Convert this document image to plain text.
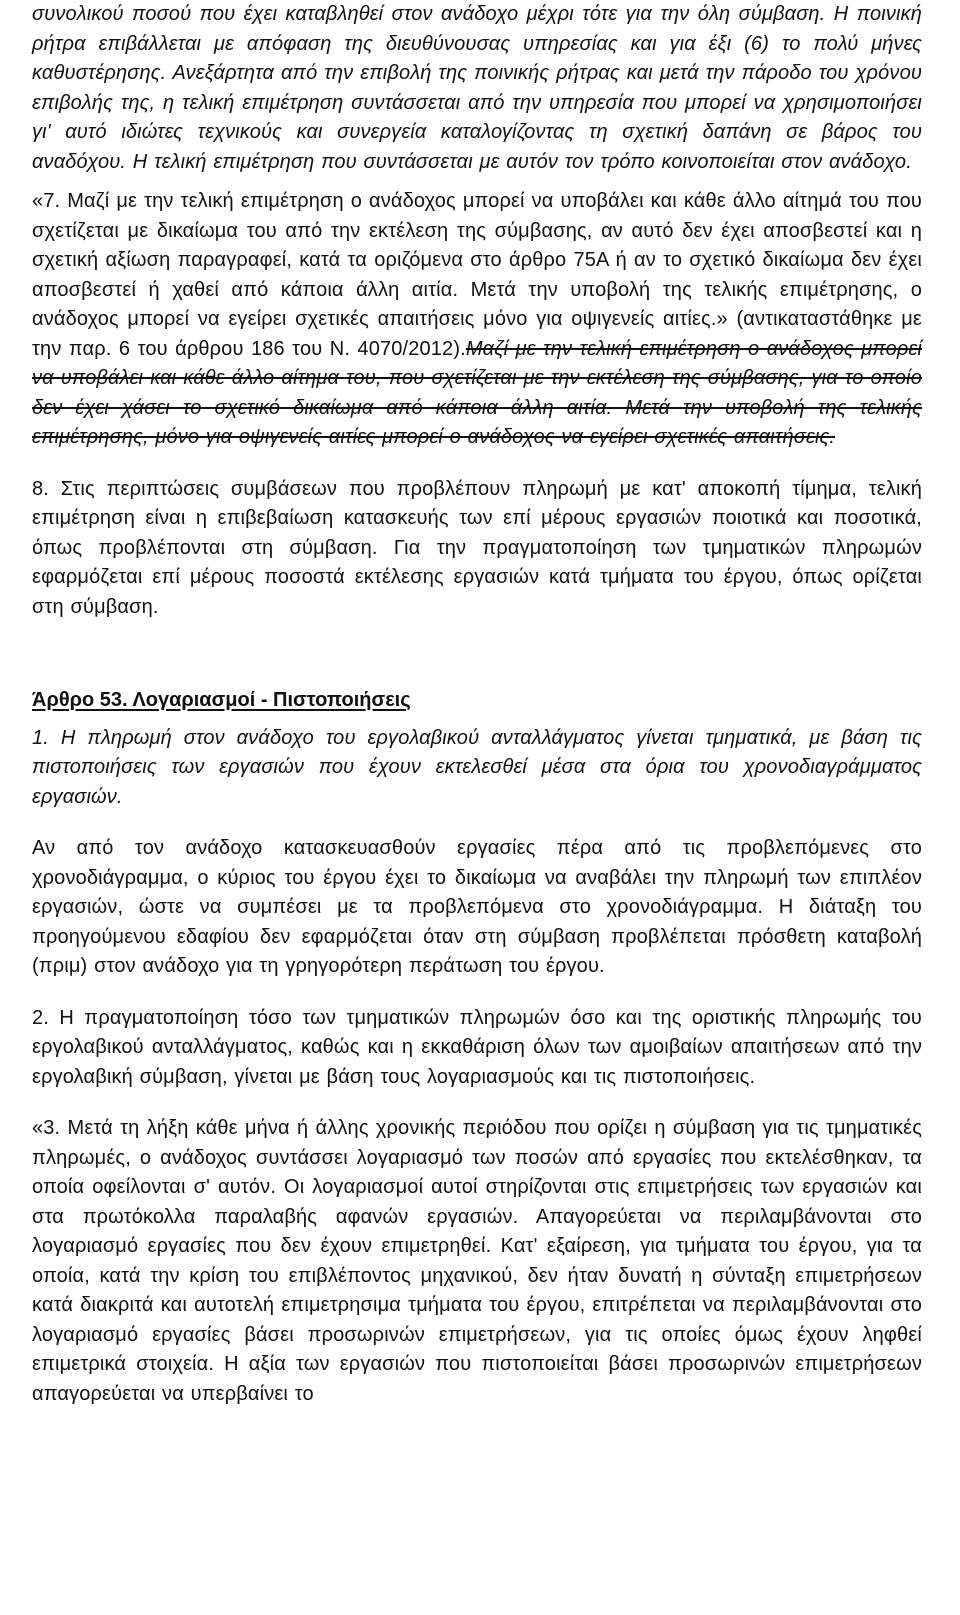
συνολικού ποσού που έχει καταβληθεί στον ανάδοχο μέχρι τότε για την όλη σύμβαση. Η ποινική ρήτρα επιβάλλεται με απόφαση της διευθύνουσας υπηρεσίας και για έξι (6) το πολύ μήνες καθυστέρησης. Ανεξάρτητα από την επιβολή της ποινικής ρήτρας και μετά την πάροδο του χρόνου επιβολής της, η τελική επιμέτρηση συντάσσεται από την υπηρεσία που μπορεί να χρησιμοποιήσει γι' αυτό ιδιώτες τεχνικούς και συνεργεία καταλογίζοντας τη σχετική δαπάνη σε βάρος του αναδόχου. Η τελική επιμέτρηση που συντάσσεται με αυτόν τον τρόπο κοινοποιείται στον ανάδοχο.

«7. Μαζί με την τελική επιμέτρηση ο ανάδοχος μπορεί να υποβάλει και κάθε άλλο αίτημά του που σχετίζεται με δικαίωμα του από την εκτέλεση της σύμβασης, αν αυτό δεν έχει αποσβεστεί και η σχετική αξίωση παραγραφεί, κατά τα οριζόμενα στο άρθρο 75Α ή αν το σχετικό δικαίωμα δεν έχει αποσβεστεί ή χαθεί από κάποια άλλη αιτία. Μετά την υποβολή της τελικής επιμέτρησης, ο ανάδοχος μπορεί να εγείρει σχετικές απαιτήσεις μόνο για οψιγενείς αιτίες.» (αντικαταστάθηκε με την παρ. 6 του άρθρου 186 του Ν. 4070/2012).Μαζί με την τελική επιμέτρηση ο ανάδοχος μπορεί να υποβάλει και κάθε άλλο αίτημα του, που σχετίζεται με την εκτέλεση της σύμβασης, για το οποίο δεν έχει χάσει το σχετικό δικαίωμα από κάποια άλλη αιτία. Μετά την υποβολή της τελικής επιμέτρησης, μόνο για οψιγενείς αιτίες μπορεί ο ανάδοχος να εγείρει σχετικές απαιτήσεις.

8. Στις περιπτώσεις συμβάσεων που προβλέπουν πληρωμή με κατ' αποκοπή τίμημα, τελική επιμέτρηση είναι η επιβεβαίωση κατασκευής των επί μέρους εργασιών ποιοτικά και ποσοτικά, όπως προβλέπονται στη σύμβαση. Για την πραγματοποίηση των τμηματικών πληρωμών εφαρμόζεται επί μέρους ποσοστά εκτέλεσης εργασιών κατά τμήματα του έργου, όπως ορίζεται στη σύμβαση.

Άρθρο 53. Λογαριασμοί - Πιστοποιήσεις

1. Η πληρωμή στον ανάδοχο του εργολαβικού ανταλλάγματος γίνεται τμηματικά, με βάση τις πιστοποιήσεις των εργασιών που έχουν εκτελεσθεί μέσα στα όρια του χρονοδιαγράμματος εργασιών.

Αν από τον ανάδοχο κατασκευασθούν εργασίες πέρα από τις προβλεπόμενες στο χρονοδιάγραμμα, ο κύριος του έργου έχει το δικαίωμα να αναβάλει την πληρωμή των επιπλέον εργασιών, ώστε να συμπέσει με τα προβλεπόμενα στο χρονοδιάγραμμα. Η διάταξη του προηγούμενου εδαφίου δεν εφαρμόζεται όταν στη σύμβαση προβλέπεται πρόσθετη καταβολή (πριμ) στον ανάδοχο για τη γρηγορότερη περάτωση του έργου.

2. Η πραγματοποίηση τόσο των τμηματικών πληρωμών όσο και της οριστικής πληρωμής του εργολαβικού ανταλλάγματος, καθώς και η εκκαθάριση όλων των αμοιβαίων απαιτήσεων από την εργολαβική σύμβαση, γίνεται με βάση τους λογαριασμούς και τις πιστοποιήσεις.

«3. Μετά τη λήξη κάθε μήνα ή άλλης χρονικής περιόδου που ορίζει η σύμβαση για τις τμηματικές πληρωμές, ο ανάδοχος συντάσσει λογαριασμό των ποσών από εργασίες που εκτελέσθηκαν, τα οποία οφείλονται σ' αυτόν. Οι λογαριασμοί αυτοί στηρίζονται στις επιμετρήσεις των εργασιών και στα πρωτόκολλα παραλαβής αφανών εργασιών. Απαγορεύεται να περιλαμβάνονται στο λογαριασμό εργασίες που δεν έχουν επιμετρηθεί. Κατ' εξαίρεση, για τμήματα του έργου, για τα οποία, κατά την κρίση του επιβλέποντος μηχανικού, δεν ήταν δυνατή η σύνταξη επιμετρήσεων κατά διακριτά και αυτοτελή επιμετρησιμα τμήματα του έργου, επιτρέπεται να περιλαμβάνονται στο λογαριασμό εργασίες βάσει προσωρινών επιμετρήσεων, για τις οποίες όμως έχουν ληφθεί επιμετρικά στοιχεία. Η αξία των εργασιών που πιστοποιείται βάσει προσωρινών επιμετρήσεων απαγορεύεται να υπερβαίνει το
